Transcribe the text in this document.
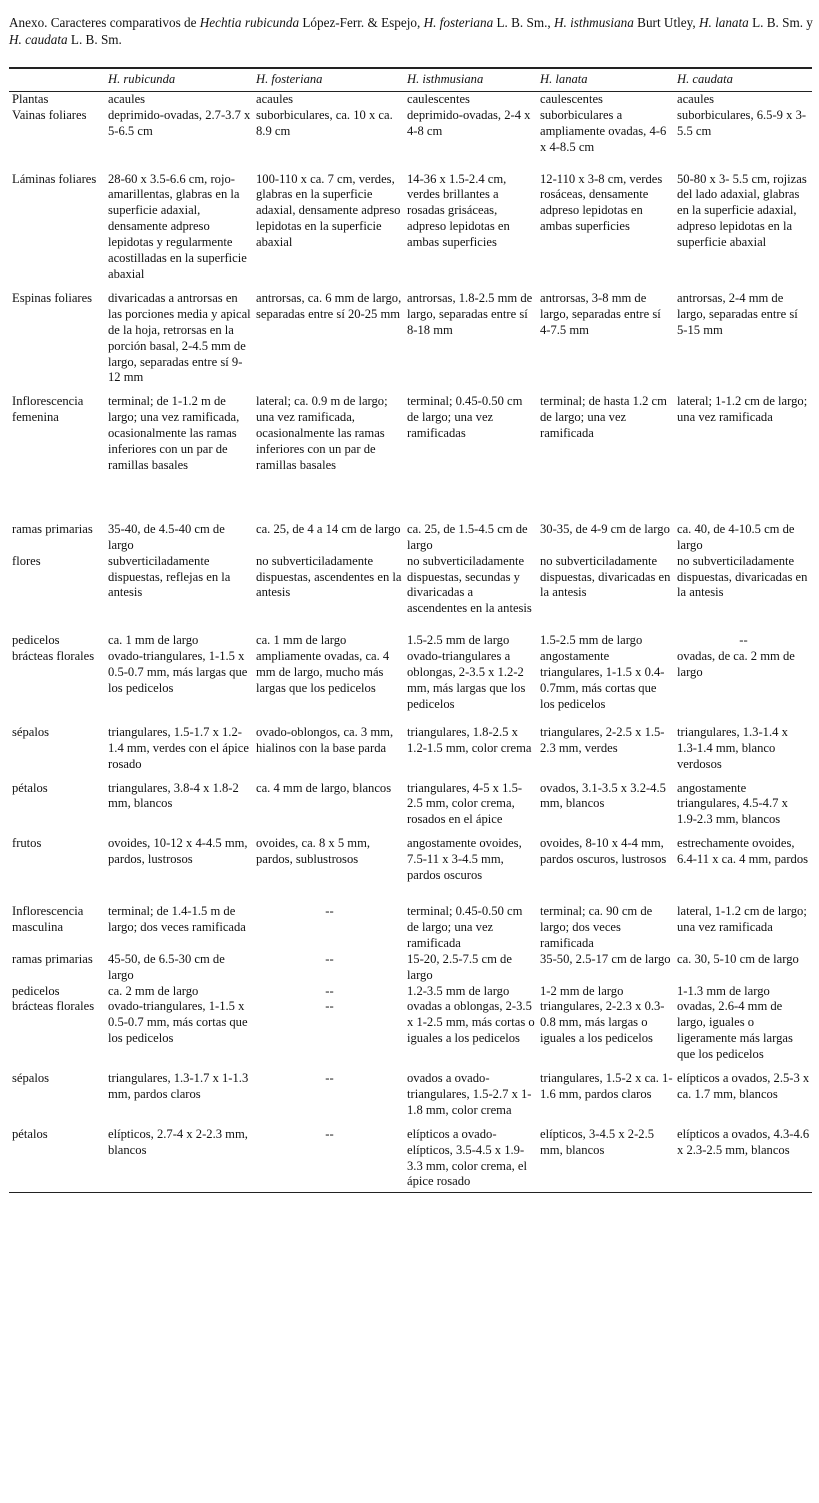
Anexo. Caracteres comparativos de Hechtia rubicunda López-Ferr. & Espejo, H. fosteriana L. B. Sm., H. isthmusiana Burt Utley, H. lanata L. B. Sm. y H. caudata L. B. Sm.
	H. rubicunda	H. fosteriana	H. isthmusiana	H. lanata	H. caudata
Plantas	acaules	acaules	caulescentes	caulescentes	acaules
Vainas foliares	deprimido-ovadas, 2.7-3.7 x 5-6.5 cm	suborbiculares, ca. 10 x ca. 8.9 cm	deprimido-ovadas, 2-4 x 4-8 cm	suborbiculares a ampliamente ovadas, 4-6 x 4-8.5 cm	suborbiculares, 6.5-9 x 3-5.5 cm
Láminas foliares	28-60 x 3.5-6.6 cm, rojo-amarillentas, glabras en la superficie adaxial, densamente adpreso lepidotas y regularmente acostilladas en la superficie abaxial	100-110 x ca. 7 cm, verdes, glabras en la superficie adaxial, densamente adpreso lepidotas en la superficie abaxial	14-36 x 1.5-2.4 cm, verdes brillantes a rosadas grisáceas, adpreso lepidotas en ambas superficies	12-110 x 3-8 cm, verdes rosáceas, densamente adpreso lepidotas en ambas superficies	50-80 x 3- 5.5 cm, rojizas del lado adaxial, glabras en la superficie adaxial, adpreso lepidotas en la superficie abaxial
Espinas foliares	divaricadas a antrorsas en las porciones media y apical de la hoja, retrorsas en la porción basal, 2-4.5 mm de largo, separadas entre sí 9-12 mm	antrorsas, ca. 6 mm de largo, separadas entre sí 20-25 mm	antrorsas, 1.8-2.5 mm de largo, separadas entre sí 8-18 mm	antrorsas, 3-8 mm de largo, separadas entre sí 4-7.5 mm	antrorsas, 2-4 mm de largo, separadas entre sí 5-15 mm
Inflorescencia femenina	terminal; de 1-1.2 m de largo; una vez ramificada, ocasionalmente las ramas inferiores con un par de ramillas basales	lateral; ca. 0.9 m de largo; una vez ramificada, ocasionalmente las ramas inferiores con un par de ramillas basales	terminal; 0.45-0.50 cm de largo; una vez ramificadas	terminal; de hasta 1.2 cm de largo; una vez ramificada	lateral; 1-1.2 cm de largo; una vez ramificada
ramas primarias	35-40, de 4.5-40 cm de largo	ca. 25, de 4 a 14 cm de largo	ca. 25, de 1.5-4.5 cm de largo	30-35, de 4-9 cm de largo	ca. 40, de 4-10.5 cm de largo
flores	subverticiladamente dispuestas, reflejas en la antesis	no subverticiladamente dispuestas, ascendentes en la antesis	no subverticiladamente dispuestas, secundas y divaricadas a ascendentes en la antesis	no subverticiladamente dispuestas, divaricadas en la antesis	no subverticiladamente dispuestas, divaricadas en la antesis
pedicelos	ca. 1 mm de largo	ca. 1 mm de largo	1.5-2.5 mm de largo	1.5-2.5 mm de largo	--
brácteas florales	ovado-triangulares, 1-1.5 x 0.5-0.7 mm, más largas que los pedicelos	ampliamente ovadas, ca. 4 mm de largo, mucho más largas que los pedicelos	ovado-triangulares a oblongas, 2-3.5 x 1.2-2 mm, más largas que los pedicelos	angostamente triangulares, 1-1.5 x 0.4-0.7mm, más cortas que los pedicelos	ovadas, de ca. 2 mm de largo
sépalos	triangulares, 1.5-1.7 x 1.2-1.4 mm, verdes con el ápice rosado	ovado-oblongos, ca. 3 mm, hialinos con la base parda	triangulares, 1.8-2.5 x 1.2-1.5 mm, color crema	triangulares, 2-2.5 x 1.5-2.3 mm, verdes	triangulares, 1.3-1.4 x 1.3-1.4 mm, blanco verdosos
pétalos	triangulares, 3.8-4 x 1.8-2 mm, blancos	ca. 4 mm de largo, blancos	triangulares, 4-5 x 1.5-2.5 mm, color crema, rosados en el ápice	ovados, 3.1-3.5 x 3.2-4.5 mm, blancos	angostamente triangulares, 4.5-4.7 x 1.9-2.3 mm, blancos
frutos	ovoides, 10-12 x 4-4.5 mm, pardos, lustrosos	ovoides, ca. 8 x 5 mm, pardos, sublustrosos	angostamente ovoides, 7.5-11 x 3-4.5 mm, pardos oscuros	ovoides, 8-10 x 4-4 mm, pardos oscuros, lustrosos	estrechamente ovoides, 6.4-11 x ca. 4 mm, pardos
Inflorescencia masculina	terminal; de 1.4-1.5 m de largo; dos veces ramificada	--	terminal; 0.45-0.50 cm de largo; una vez ramificada	terminal; ca. 90 cm de largo; dos veces ramificada	lateral, 1-1.2 cm de largo; una vez ramificada
ramas primarias	45-50, de 6.5-30 cm de largo	--	15-20, 2.5-7.5 cm de largo	35-50, 2.5-17 cm de largo	ca. 30, 5-10 cm de largo
pedicelos	ca. 2 mm de largo	--	1.2-3.5 mm de largo	1-2 mm de largo	1-1.3 mm de largo
brácteas florales	ovado-triangulares, 1-1.5 x 0.5-0.7 mm, más cortas que los pedicelos	--	ovadas a oblongas, 2-3.5 x 1-2.5 mm, más cortas o iguales a los pedicelos	triangulares, 2-2.3 x 0.3-0.8 mm, más largas o iguales a los pedicelos	ovadas, 2.6-4 mm de largo, iguales o ligeramente más largas que los pedicelos
sépalos	triangulares, 1.3-1.7 x 1-1.3 mm, pardos claros	--	ovados a ovado-triangulares, 1.5-2.7 x 1-1.8 mm, color crema	triangulares, 1.5-2 x ca. 1-1.6 mm, pardos claros	elípticos a ovados, 2.5-3 x ca. 1.7 mm, blancos
pétalos	elípticos, 2.7-4 x 2-2.3 mm, blancos	--	elípticos a ovado-elípticos, 3.5-4.5 x 1.9-3.3 mm, color crema, el ápice rosado	elípticos, 3-4.5 x 2-2.5 mm, blancos	elípticos a ovados, 4.3-4.6 x 2.3-2.5 mm, blancos
